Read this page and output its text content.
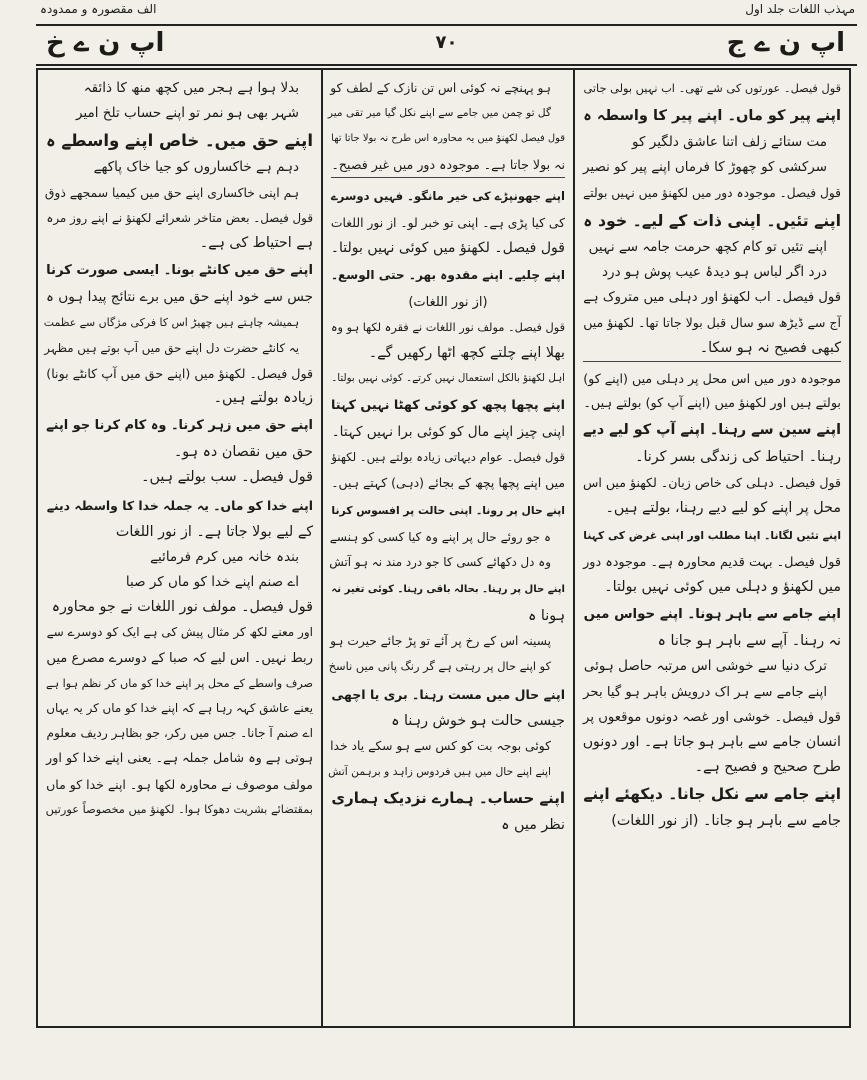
مہذب اللغات جلد اول
الف مقصورہ و ممدودہ
اپ ن ے ج
۷۰
اپ ن ے خ

قول فیصل۔ عورتوں کی شے تھی۔ اب نہیں بولی جاتی

اپنے پیر کو ماں۔ اپنے پیر کا واسطہ ہ

مت ستائے زلف اتنا عاشق دلگیر کو

سرکشی کو چھوڑ کا فرماں اپنے پیر کو نصیر

قول فیصل۔ موجودہ دور میں لکھنؤ میں نہیں بولتے

اپنے تئیں۔ اپنی ذات کے لیے۔ خود ہ

اپنے تئیں تو کام کچھ حرمت جامہ سے نہیں

درد اگر لباس ہو دیدۂ عیب پوش ہو درد

قول فیصل۔ اب لکھنؤ اور دہلی میں متروک ہے

آج سے ڈیڑھ سو سال قبل بولا جاتا تھا۔ لکھنؤ میں

کبھی فصیح نہ ہو سکا۔

موجودہ دور میں اس محل پر دہلی میں (اپنے کو)

بولتے ہیں اور لکھنؤ میں (اپنے آپ کو) بولتے ہیں۔

اپنے سین سے رہنا۔ اپنے آپ کو لیے دیے

رہنا۔ احتیاط کی زندگی بسر کرنا۔

قول فیصل۔ دہلی کی خاص زبان۔ لکھنؤ میں اس

محل پر اپنے کو لیے دیے رہنا، بولتے ہیں۔

اپنے تئیں لگانا۔ اپنا مطلب اور اپنی غرض کی کہنا

قول فیصل۔ بہت قدیم محاورہ ہے۔ موجودہ دور

میں لکھنؤ و دہلی میں کوئی نہیں بولتا۔

اپنے جامے سے باہر ہونا۔ اپنے حواس میں

نہ رہنا۔ آپے سے باہر ہو جانا ہ

ترک دنیا سے خوشی اس مرتبہ حاصل ہوئی

اپنے جامے سے ہر اک درویش باہر ہو گیا بحر

قول فیصل۔ خوشی اور غصہ دونوں موقعوں پر

انسان جامے سے باہر ہو جاتا ہے۔ اور دونوں

طرح صحیح و فصیح ہے۔

اپنے جامے سے نکل جانا۔ دیکھئے اپنے

جامے سے باہر ہو جانا۔ (از نور اللغات)

ہو پہنچے نہ کوئی اس تن نازک کے لطف کو

گل تو چمن میں جامے سے اپنے نکل گیا میر تقی میر

قول فیصل لکھنؤ میں یہ محاورہ اس طرح نہ بولا جاتا تھا

نہ بولا جاتا ہے۔ موجودہ دور میں غیر فصیح۔

اپنے جھونپڑے کی خیر مانگو۔ فہیں دوسرے

کی کیا پڑی ہے۔ اپنی تو خبر لو۔ از نور اللغات

قول فیصل۔ لکھنؤ میں کوئی نہیں بولتا۔

اپنے چلیے۔ اپنے مقدوہ بھر۔ حتی الوسع۔

(از نور اللغات)

قول فیصل۔ مولف نور اللغات نے فقرہ لکھا ہو وہ

بھلا اپنے چلتے کچھ اٹھا رکھیں گے۔

اہل لکھنؤ بالکل استعمال نہیں کرتے۔ کوئی نہیں بولتا۔

اپنے پچھا پچھ کو کوئی کھٹا نہیں کہتا

اپنی چیز اپنے مال کو کوئی برا نہیں کہتا۔

قول فیصل۔ عوام دیہاتی زیادہ بولتے ہیں۔ لکھنؤ

میں اپنے پچھا پچھ کے بجائے (دہی) کہتے ہیں۔

اپنے حال پر رونا۔ اپنی حالت پر افسوس کرنا

ہ جو روئے حال پر اپنے وہ کیا کسی کو ہنسے

وہ دل دکھائے کسی کا جو درد مند نہ ہو آتش

اپنے حال پر رہنا۔ بحالہ باقی رہنا۔ کوئی تغیر نہ

ہونا ہ

پسینہ اس کے رخ پر آئے تو پڑ جائے حیرت ہو

کو اپنے حال پر رہتی ہے گر رنگ پانی میں ناسخ

اپنے حال میں مست رہنا۔ بری یا اچھی

جیسی حالت ہو خوش رہنا ہ

کوئی بوجہ بت کو کس سے ہو سکے یاد خدا

اپنے اپنے حال میں ہیں فردوس زاہد و برہمن آتش

اپنے حساب۔ ہمارے نزدیک ہماری

نظر میں ہ

بدلا ہوا ہے ہجر میں کچھ منھ کا ذائقہ

شہر بھی ہو نمر تو اپنے حساب تلخ امیر

اپنے حق میں۔ خاص اپنے واسطے ہ

دہم ہے خاکساروں کو جیا خاک پاکھے

ہم اپنی خاکساری اپنے حق میں کیمیا سمجھے ذوق

قول فیصل۔ بعض متاخر شعرائے لکھنؤ نے اپنے روز مرہ

ہے احتیاط کی ہے۔

اپنے حق میں کانٹے بونا۔ ایسی صورت کرنا

جس سے خود اپنے حق میں برے نتائج پیدا ہوں ہ

ہمیشہ چاہتے ہیں چھیڑ اس کا فرکی مژگاں سے عظمت

یہ کانٹے حضرت دل اپنے حق میں آپ بوتے ہیں مظہر

قول فیصل۔ لکھنؤ میں (اپنے حق میں آپ کانٹے بونا)

زیادہ بولتے ہیں۔

اپنے حق میں زہر کرنا۔ وہ کام کرنا جو اپنے

حق میں نقصان دہ ہو۔

قول فیصل۔ سب بولتے ہیں۔

اپنے خدا کو ماں۔ یہ جملہ خدا کا واسطہ دینے

کے لیے بولا جاتا ہے۔ از نور اللغات

بندہ خانہ میں کرم فرمائیے

اے صنم اپنے خدا کو ماں کر صبا

قول فیصل۔ مولف نور اللغات نے جو محاورہ

اور معنے لکھ کر مثال پیش کی ہے ایک کو دوسرے سے

ربط نہیں۔ اس لیے کہ صبا کے دوسرے مصرع میں

صرف واسطے کے محل پر اپنے خدا کو ماں کر نظم ہوا ہے

یعنے عاشق کہہ رہا ہے کہ اپنے خدا کو ماں کر یہ یہاں

اے صنم آ جانا۔ جس میں رکر، جو بظاہر ردیف معلوم

ہوتی ہے وہ شامل جملہ ہے۔ یعنی اپنے خدا کو اور

مولف موصوف نے محاورہ لکھا ہو۔ اپنے خدا کو ماں

بمقتضائے بشریت دھوکا ہوا۔ لکھنؤ میں مخصوصاً عورتیں
